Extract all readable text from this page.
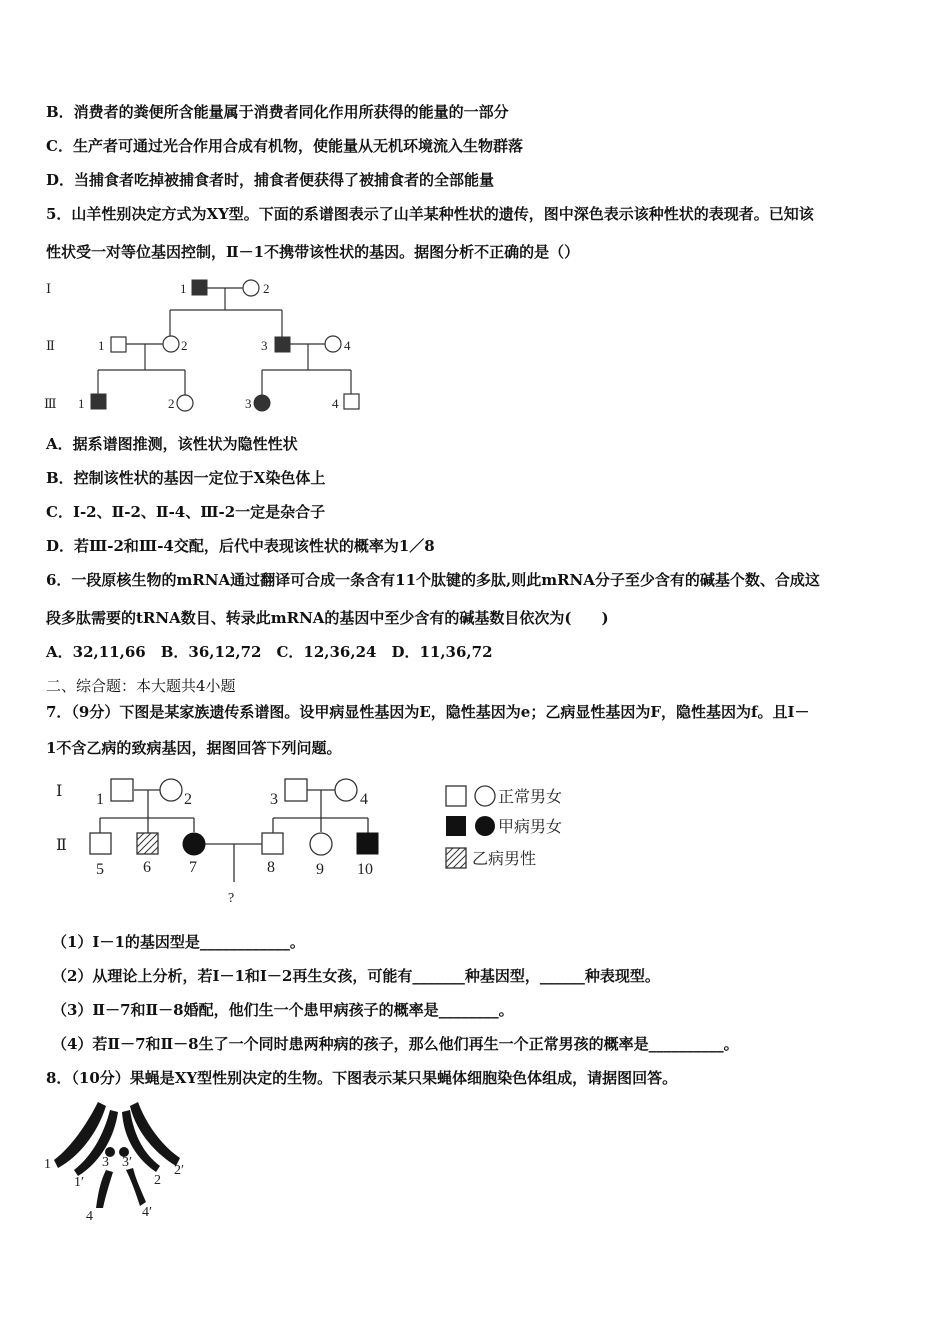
B．消费者的粪便所含能量属于消费者同化作用所获得的能量的一部分
C．生产者可通过光合作用合成有机物，使能量从无机环境流入生物群落
D．当捕食者吃掉被捕食者时，捕食者便获得了被捕食者的全部能量
5．山羊性别决定方式为XY型。下面的系谱图表示了山羊某种性状的遗传，图中深色表示该种性状的表现者。已知该
性状受一对等位基因控制，Ⅱ－1不携带该性状的基因。据图分析不正确的是（）
Ⅰ
Ⅱ
Ⅲ
1	2
1	2	3	4
1	2	3	4
A．据系谱图推测，该性状为隐性性状
B．控制该性状的基因一定位于X染色体上
C．I-2、Ⅱ-2、Ⅱ-4、Ⅲ-2一定是杂合子
D．若Ⅲ-2和Ⅲ-4交配，后代中表现该性状的概率为1／8
6．一段原核生物的mRNA通过翻译可合成一条含有11个肽键的多肽,则此mRNA分子至少含有的碱基个数、合成这
段多肽需要的tRNA数目、转录此mRNA的基因中至少含有的碱基数目依次为(　　)
A．32,11,66　B．36,12,72　C．12,36,24　D．11,36,72
二、综合题：本大题共4小题
7．（9分）下图是某家族遗传系谱图。设甲病显性基因为E，隐性基因为e；乙病显性基因为F，隐性基因为f。且Ⅰ－
1不含乙病的致病基因，据图回答下列问题。
Ⅰ
Ⅱ
1	2	3	4
5 6 7	8	9 10
?
正常男女
甲病男女
乙病男性
（1）Ⅰ－1的基因型是____________。
（2）从理论上分析，若Ⅰ－1和Ⅰ－2再生女孩，可能有_______种基因型，______种表现型。
（3）Ⅱ－7和Ⅱ－8婚配，他们生一个患甲病孩子的概率是________。
（4）若Ⅱ－7和Ⅱ－8生了一个同时患两种病的孩子，那么他们再生一个正常男孩的概率是__________。
8．（10分）果蝇是XY型性别决定的生物。下图表示某只果蝇体细胞染色体组成，请据图回答。
1
1′
3 3′
2
2′
4	4′
